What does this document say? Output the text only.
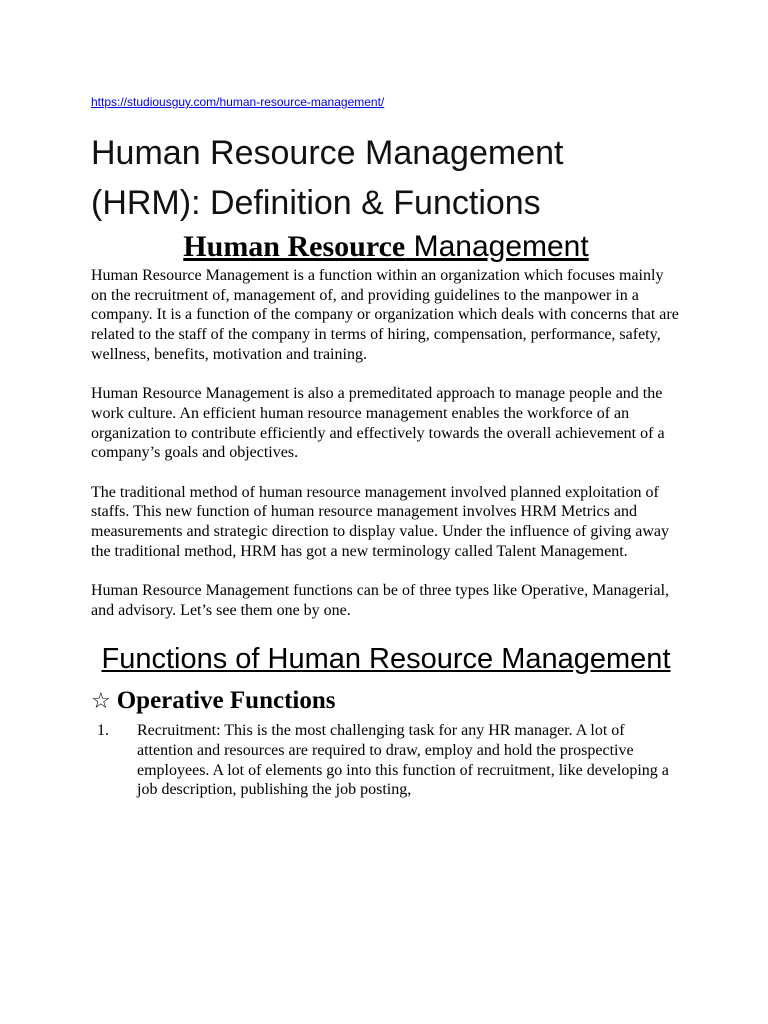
https://studiousguy.com/human-resource-management/
Human Resource Management (HRM): Definition & Functions
Human Resource Management

Human Resource Management is a function within an organization which focuses mainly on the recruitment of, management of, and providing guidelines to the manpower in a company. It is a function of the company or organization which deals with concerns that are related to the staff of the company in terms of hiring, compensation, performance, safety, wellness, benefits, motivation and training.

Human Resource Management is also a premeditated approach to manage people and the work culture. An efficient human resource management enables the workforce of an organization to contribute efficiently and effectively towards the overall achievement of a company’s goals and objectives.

The traditional method of human resource management involved planned exploitation of staffs. This new function of human resource management involves HRM Metrics and measurements and strategic direction to display value. Under the influence of giving away the traditional method, HRM has got a new terminology called Talent Management.

Human Resource Management functions can be of three types like Operative, Managerial, and advisory. Let’s see them one by one.

Functions of Human Resource Management
☆ Operative Functions
1.	Recruitment: This is the most challenging task for any HR manager. A lot of attention and resources are required to draw, employ and hold the prospective employees. A lot of elements go into this function of recruitment, like developing a job description, publishing the job posting,
